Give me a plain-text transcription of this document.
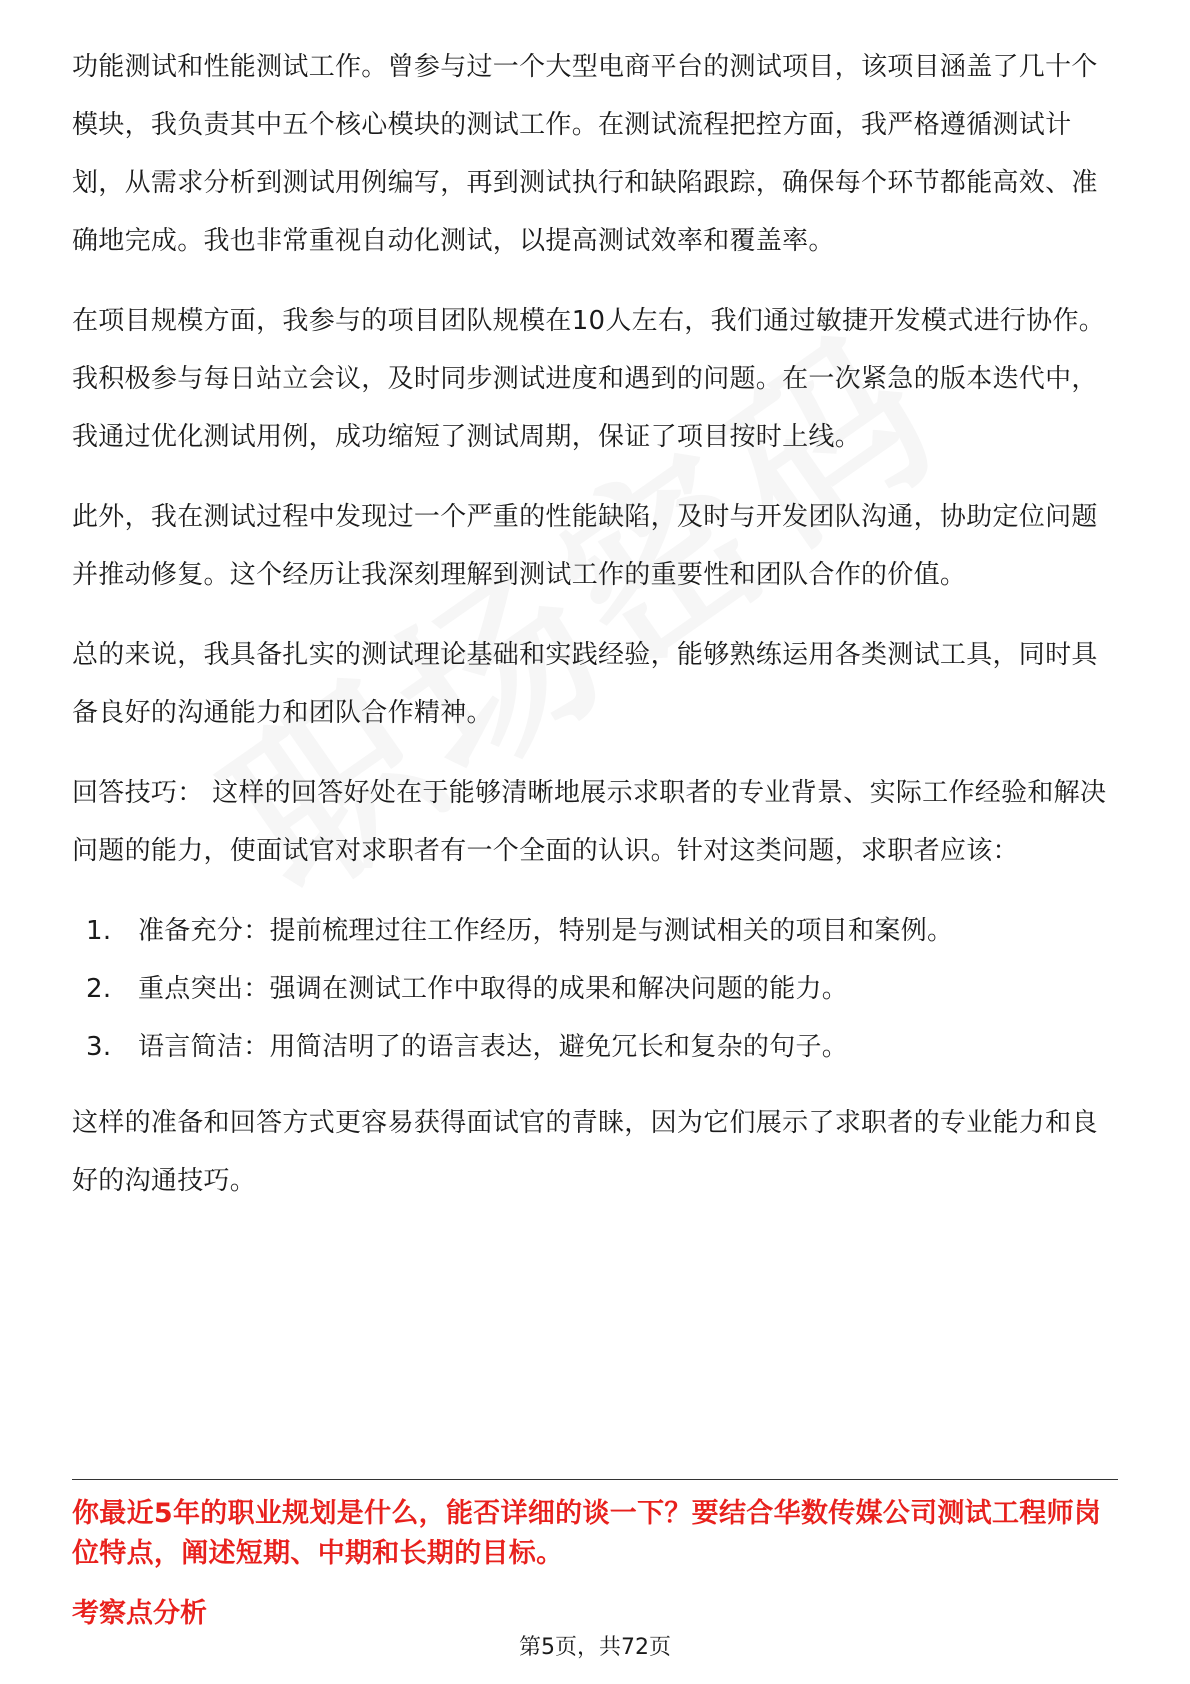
功能测试和性能测试工作。曾参与过一个大型电商平台的测试项目，该项目涵盖了几十个模块，我负责其中五个核心模块的测试工作。在测试流程把控方面，我严格遵循测试计划，从需求分析到测试用例编写，再到测试执行和缺陷跟踪，确保每个环节都能高效、准确地完成。我也非常重视自动化测试，以提高测试效率和覆盖率。

在项目规模方面，我参与的项目团队规模在10人左右，我们通过敏捷开发模式进行协作。我积极参与每日站立会议，及时同步测试进度和遇到的问题。在一次紧急的版本迭代中，我通过优化测试用例，成功缩短了测试周期，保证了项目按时上线。

此外，我在测试过程中发现过一个严重的性能缺陷，及时与开发团队沟通，协助定位问题并推动修复。这个经历让我深刻理解到测试工作的重要性和团队合作的价值。

总的来说，我具备扎实的测试理论基础和实践经验，能够熟练运用各类测试工具，同时具备良好的沟通能力和团队合作精神。

回答技巧： 这样的回答好处在于能够清晰地展示求职者的专业背景、实际工作经验和解决问题的能力，使面试官对求职者有一个全面的认识。针对这类问题，求职者应该：

1.	准备充分：提前梳理过往工作经历，特别是与测试相关的项目和案例。
2.	重点突出：强调在测试工作中取得的成果和解决问题的能力。
3.	语言简洁：用简洁明了的语言表达，避免冗长和复杂的句子。

这样的准备和回答方式更容易获得面试官的青睐，因为它们展示了求职者的专业能力和良好的沟通技巧。

你最近5年的职业规划是什么，能否详细的谈一下？要结合华数传媒公司测试工程师岗位特点，阐述短期、中期和长期的目标。
考察点分析
第5页，共72页
